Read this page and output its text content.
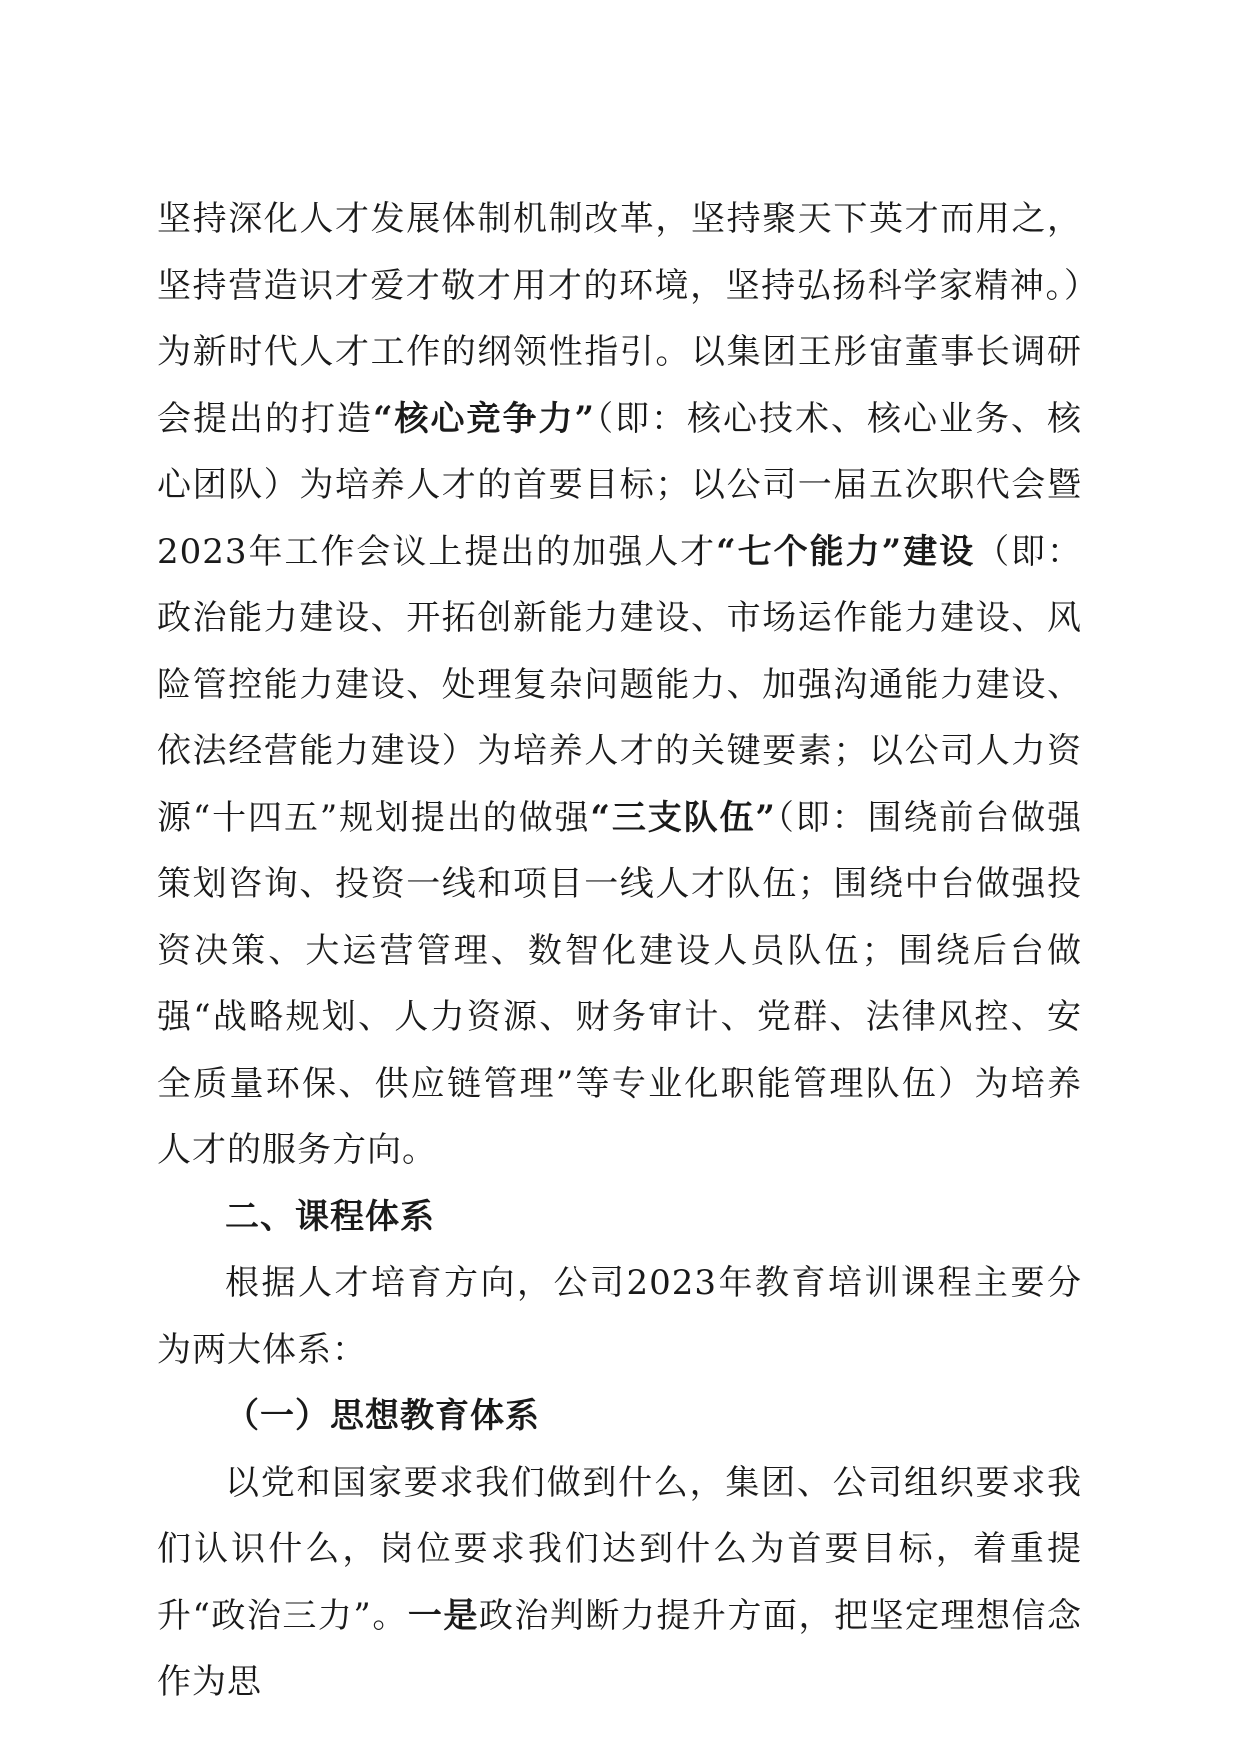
坚持深化人才发展体制机制改革，坚持聚天下英才而用之，坚持营造识才爱才敬才用才的环境，坚持弘扬科学家精神。）为新时代人才工作的纲领性指引。以集团王彤宙董事长调研会提出的打造“核心竞争力”（即：核心技术、核心业务、核心团队）为培养人才的首要目标；以公司一届五次职代会暨2023年工作会议上提出的加强人才“七个能力”建设（即：政治能力建设、开拓创新能力建设、市场运作能力建设、风险管控能力建设、处理复杂问题能力、加强沟通能力建设、依法经营能力建设）为培养人才的关键要素；以公司人力资源“十四五”规划提出的做强“三支队伍”（即：围绕前台做强策划咨询、投资一线和项目一线人才队伍；围绕中台做强投资决策、大运营管理、数智化建设人员队伍；围绕后台做强“战略规划、人力资源、财务审计、党群、法律风控、安全质量环保、供应链管理”等专业化职能管理队伍）为培养人才的服务方向。

二、课程体系

根据人才培育方向，公司2023年教育培训课程主要分为两大体系：

（一）思想教育体系

以党和国家要求我们做到什么，集团、公司组织要求我们认识什么，岗位要求我们达到什么为首要目标，着重提升“政治三力”。一是政治判断力提升方面，把坚定理想信念作为思
